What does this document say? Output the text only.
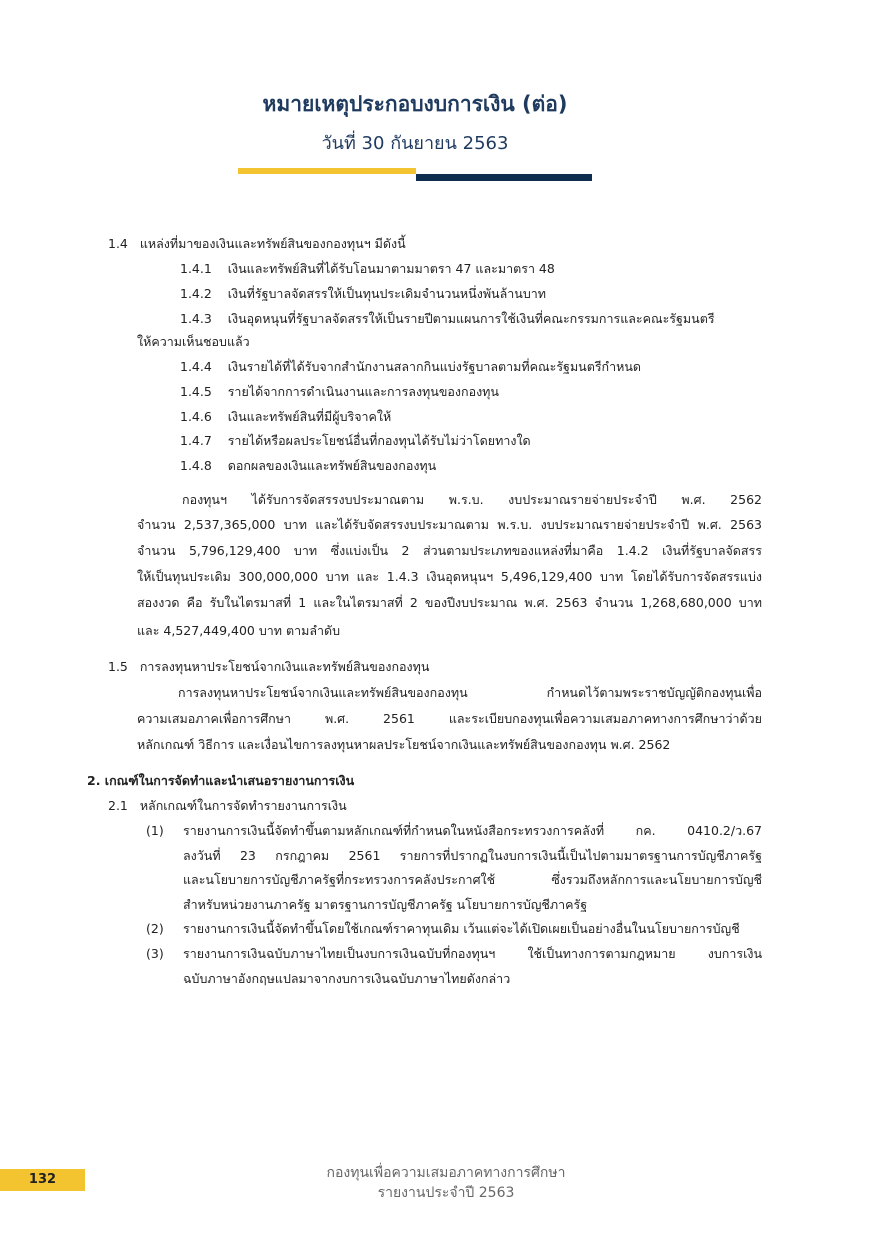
หมายเหตุประกอบงบการเงิน (ต่อ)
วันที่ 30 กันยายน 2563
1.4 แหล่งที่มาของเงินและทรัพย์สินของกองทุนฯ มีดังนี้
1.4.1 เงินและทรัพย์สินที่ได้รับโอนมาตามมาตรา 47 และมาตรา 48
1.4.2 เงินที่รัฐบาลจัดสรรให้เป็นทุนประเดิมจำนวนหนึ่งพันล้านบาท
1.4.3 เงินอุดหนุนที่รัฐบาลจัดสรรให้เป็นรายปีตามแผนการใช้เงินที่คณะกรรมการและคณะรัฐมนตรี
ให้ความเห็นชอบแล้ว
1.4.4 เงินรายได้ที่ได้รับจากสำนักงานสลากกินแบ่งรัฐบาลตามที่คณะรัฐมนตรีกำหนด
1.4.5 รายได้จากการดำเนินงานและการลงทุนของกองทุน
1.4.6 เงินและทรัพย์สินที่มีผู้บริจาคให้
1.4.7 รายได้หรือผลประโยชน์อื่นที่กองทุนได้รับไม่ว่าโดยทางใด
1.4.8 ดอกผลของเงินและทรัพย์สินของกองทุน
กองทุนฯ ได้รับการจัดสรรงบประมาณตาม พ.ร.บ. งบประมาณรายจ่ายประจำปี พ.ศ. 2562
จำนวน 2,537,365,000 บาท และได้รับจัดสรรงบประมาณตาม พ.ร.บ. งบประมาณรายจ่ายประจำปี พ.ศ. 2563
จำนวน 5,796,129,400 บาท ซึ่งแบ่งเป็น 2 ส่วนตามประเภทของแหล่งที่มาคือ 1.4.2 เงินที่รัฐบาลจัดสรร
ให้เป็นทุนประเดิม 300,000,000 บาท และ 1.4.3 เงินอุดหนุนฯ 5,496,129,400 บาท โดยได้รับการจัดสรรแบ่ง
สองงวด คือ รับในไตรมาสที่ 1 และในไตรมาสที่ 2 ของปีงบประมาณ พ.ศ. 2563 จำนวน 1,268,680,000 บาท
และ 4,527,449,400 บาท ตามลำดับ
1.5 การลงทุนหาประโยชน์จากเงินและทรัพย์สินของกองทุน
การลงทุนหาประโยชน์จากเงินและทรัพย์สินของกองทุน กำหนดไว้ตามพระราชบัญญัติกองทุนเพื่อ
ความเสมอภาคเพื่อการศึกษา พ.ศ. 2561 และระเบียบกองทุนเพื่อความเสมอภาคทางการศึกษาว่าด้วย
หลักเกณฑ์ วิธีการ และเงื่อนไขการลงทุนหาผลประโยชน์จากเงินและทรัพย์สินของกองทุน พ.ศ. 2562
2. เกณฑ์ในการจัดทำและนำเสนอรายงานการเงิน
2.1 หลักเกณฑ์ในการจัดทำรายงานการเงิน
(1) รายงานการเงินนี้จัดทำขึ้นตามหลักเกณฑ์ที่กำหนดในหนังสือกระทรวงการคลังที่ กค. 0410.2/ว.67
ลงวันที่ 23 กรกฎาคม 2561 รายการที่ปรากฏในงบการเงินนี้เป็นไปตามมาตรฐานการบัญชีภาครัฐ
และนโยบายการบัญชีภาครัฐที่กระทรวงการคลังประกาศใช้ ซึ่งรวมถึงหลักการและนโยบายการบัญชี
สำหรับหน่วยงานภาครัฐ มาตรฐานการบัญชีภาครัฐ นโยบายการบัญชีภาครัฐ
(2) รายงานการเงินนี้จัดทำขึ้นโดยใช้เกณฑ์ราคาทุนเดิม เว้นแต่จะได้เปิดเผยเป็นอย่างอื่นในนโยบายการบัญชี
(3) รายงานการเงินฉบับภาษาไทยเป็นงบการเงินฉบับที่กองทุนฯ ใช้เป็นทางการตามกฎหมาย งบการเงิน
ฉบับภาษาอังกฤษแปลมาจากงบการเงินฉบับภาษาไทยดังกล่าว
132	กองทุนเพื่อความเสมอภาคทางการศึกษา
รายงานประจำปี 2563
